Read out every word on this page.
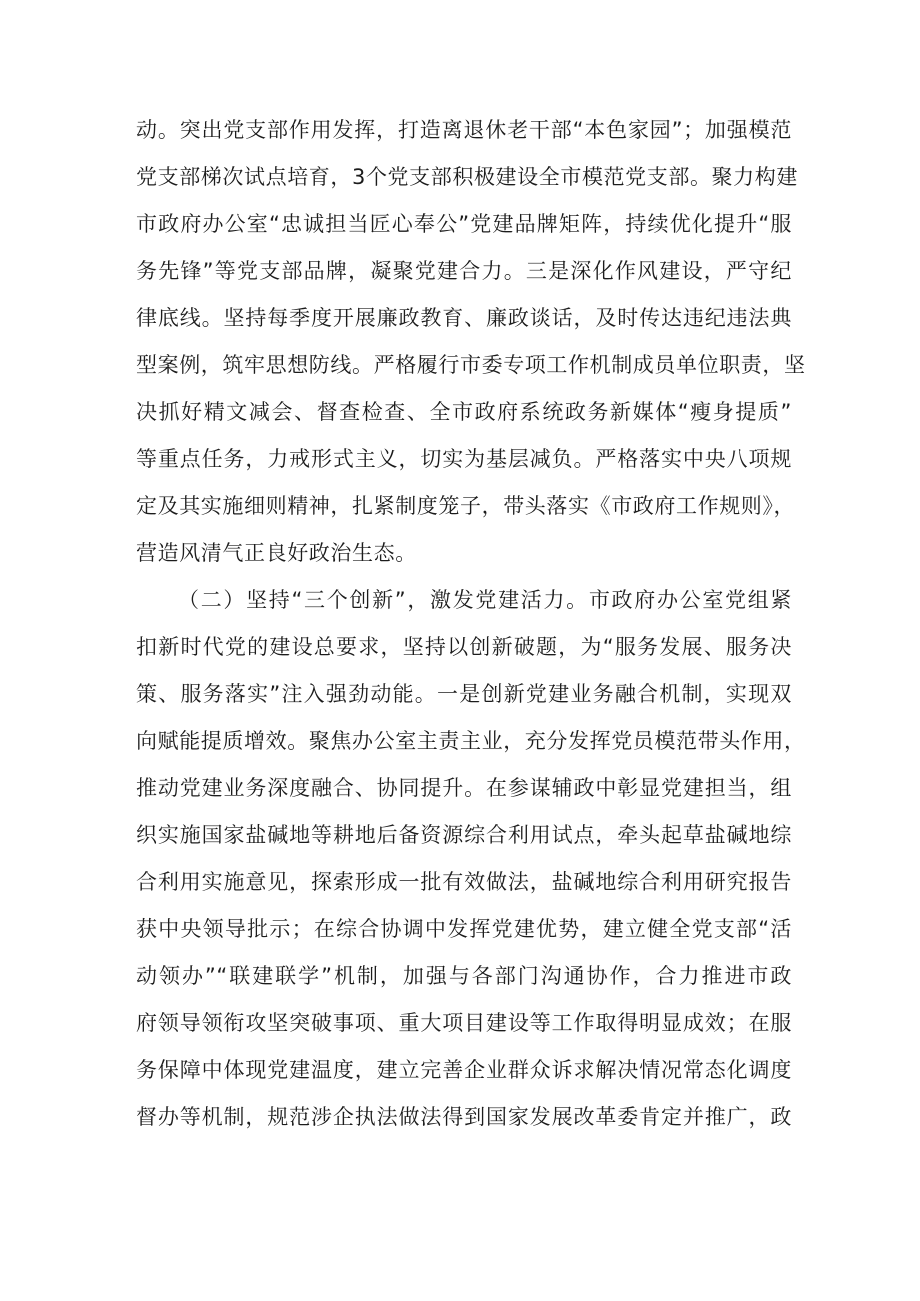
动。突出党支部作用发挥，打造离退休老干部“本色家园”；加强模范
党支部梯次试点培育，3个党支部积极建设全市模范党支部。聚力构建
市政府办公室“忠诚担当匠心奉公”党建品牌矩阵，持续优化提升“服
务先锋”等党支部品牌，凝聚党建合力。三是深化作风建设，严守纪
律底线。坚持每季度开展廉政教育、廉政谈话，及时传达违纪违法典
型案例，筑牢思想防线。严格履行市委专项工作机制成员单位职责，坚
决抓好精文减会、督查检查、全市政府系统政务新媒体“瘦身提质”
等重点任务，力戒形式主义，切实为基层减负。严格落实中央八项规
定及其实施细则精神，扎紧制度笼子，带头落实《市政府工作规则》，
营造风清气正良好政治生态。
（二）坚持“三个创新”，激发党建活力。市政府办公室党组紧
扣新时代党的建设总要求，坚持以创新破题，为“服务发展、服务决
策、服务落实”注入强劲动能。一是创新党建业务融合机制，实现双
向赋能提质增效。聚焦办公室主责主业，充分发挥党员模范带头作用，
推动党建业务深度融合、协同提升。在参谋辅政中彰显党建担当，组
织实施国家盐碱地等耕地后备资源综合利用试点，牵头起草盐碱地综
合利用实施意见，探索形成一批有效做法，盐碱地综合利用研究报告
获中央领导批示；在综合协调中发挥党建优势，建立健全党支部“活
动领办”“联建联学”机制，加强与各部门沟通协作，合力推进市政
府领导领衔攻坚突破事项、重大项目建设等工作取得明显成效；在服
务保障中体现党建温度，建立完善企业群众诉求解决情况常态化调度
督办等机制，规范涉企执法做法得到国家发展改革委肯定并推广，政
